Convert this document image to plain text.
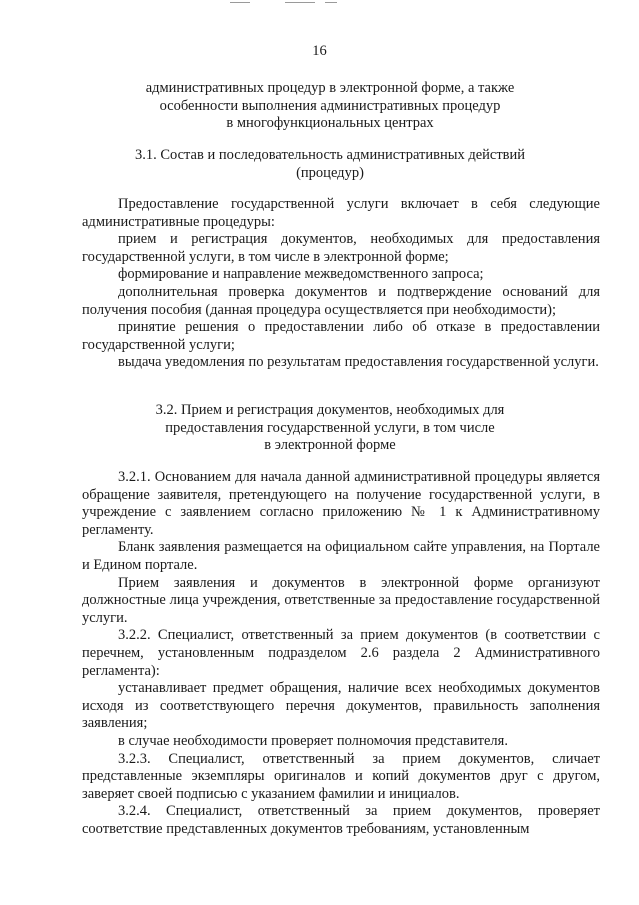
16
административных процедур в электронной форме, а также
особенности выполнения административных процедур
в многофункциональных центрах
3.1. Состав и последовательность административных действий
(процедур)

Предоставление государственной услуги включает в себя следующие административные процедуры:

прием и регистрация документов, необходимых для предоставления государственной услуги, в том числе в электронной форме;

формирование и направление межведомственного запроса;

дополнительная проверка документов и подтверждение оснований для получения пособия (данная процедура осуществляется при необходимости);

принятие решения о предоставлении либо об отказе в предоставлении государственной услуги;

выдача уведомления по результатам предоставления государственной услуги.

3.2. Прием и регистрация документов, необходимых для
предоставления государственной услуги, в том числе
в электронной форме

3.2.1. Основанием для начала данной административной процедуры является обращение заявителя, претендующего на получение государственной услуги, в учреждение с заявлением согласно приложению № 1 к Административному регламенту.

Бланк заявления размещается на официальном сайте управления, на Портале и Едином портале.

Прием заявления и документов в электронной форме организуют должностные лица учреждения, ответственные за предоставление государственной услуги.

3.2.2. Специалист, ответственный за прием документов (в соответствии с перечнем, установленным подразделом 2.6 раздела 2 Административного регламента):

устанавливает предмет обращения, наличие всех необходимых документов исходя из соответствующего перечня документов, правильность заполнения заявления;

в случае необходимости проверяет полномочия представителя.

3.2.3. Специалист, ответственный за прием документов, сличает представленные экземпляры оригиналов и копий документов друг с другом, заверяет своей подписью с указанием фамилии и инициалов.

3.2.4. Специалист, ответственный за прием документов, проверяет соответствие представленных документов требованиям, установленным
